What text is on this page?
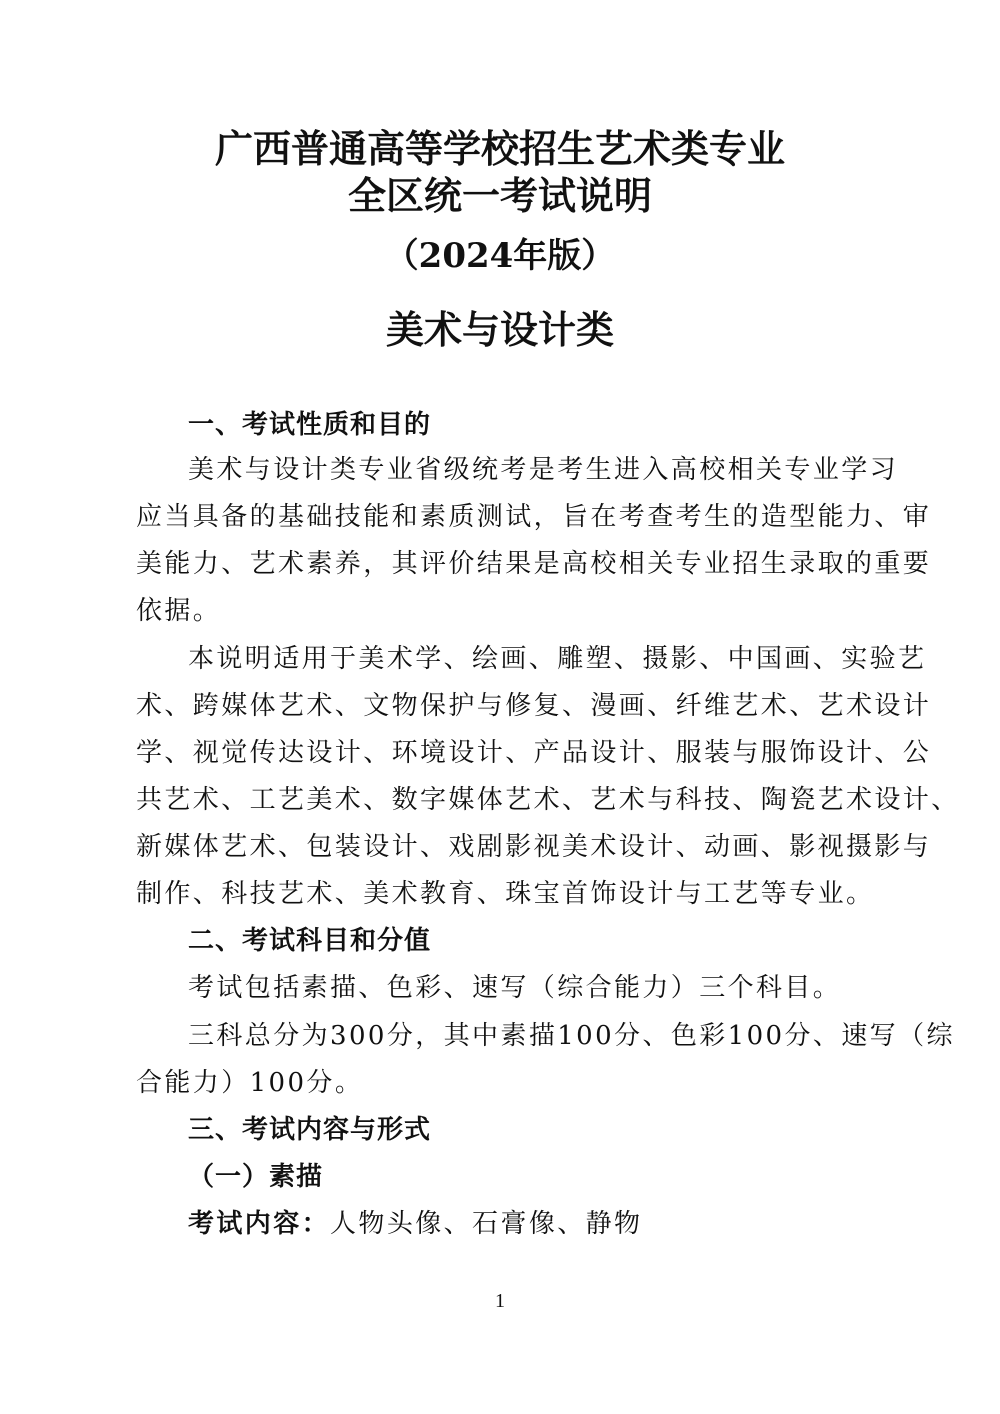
广西普通高等学校招生艺术类专业
全区统一考试说明
（2024年版）
美术与设计类
一、考试性质和目的
美术与设计类专业省级统考是考生进入高校相关专业学习
应当具备的基础技能和素质测试，旨在考查考生的造型能力、审
美能力、艺术素养，其评价结果是高校相关专业招生录取的重要
依据。
本说明适用于美术学、绘画、雕塑、摄影、中国画、实验艺
术、跨媒体艺术、文物保护与修复、漫画、纤维艺术、艺术设计
学、视觉传达设计、环境设计、产品设计、服装与服饰设计、公
共艺术、工艺美术、数字媒体艺术、艺术与科技、陶瓷艺术设计、
新媒体艺术、包装设计、戏剧影视美术设计、动画、影视摄影与
制作、科技艺术、美术教育、珠宝首饰设计与工艺等专业。
二、考试科目和分值
考试包括素描、色彩、速写（综合能力）三个科目。
三科总分为300分，其中素描100分、色彩100分、速写（综
合能力）100分。
三、考试内容与形式
（一）素描
考试内容：人物头像、石膏像、静物
1
